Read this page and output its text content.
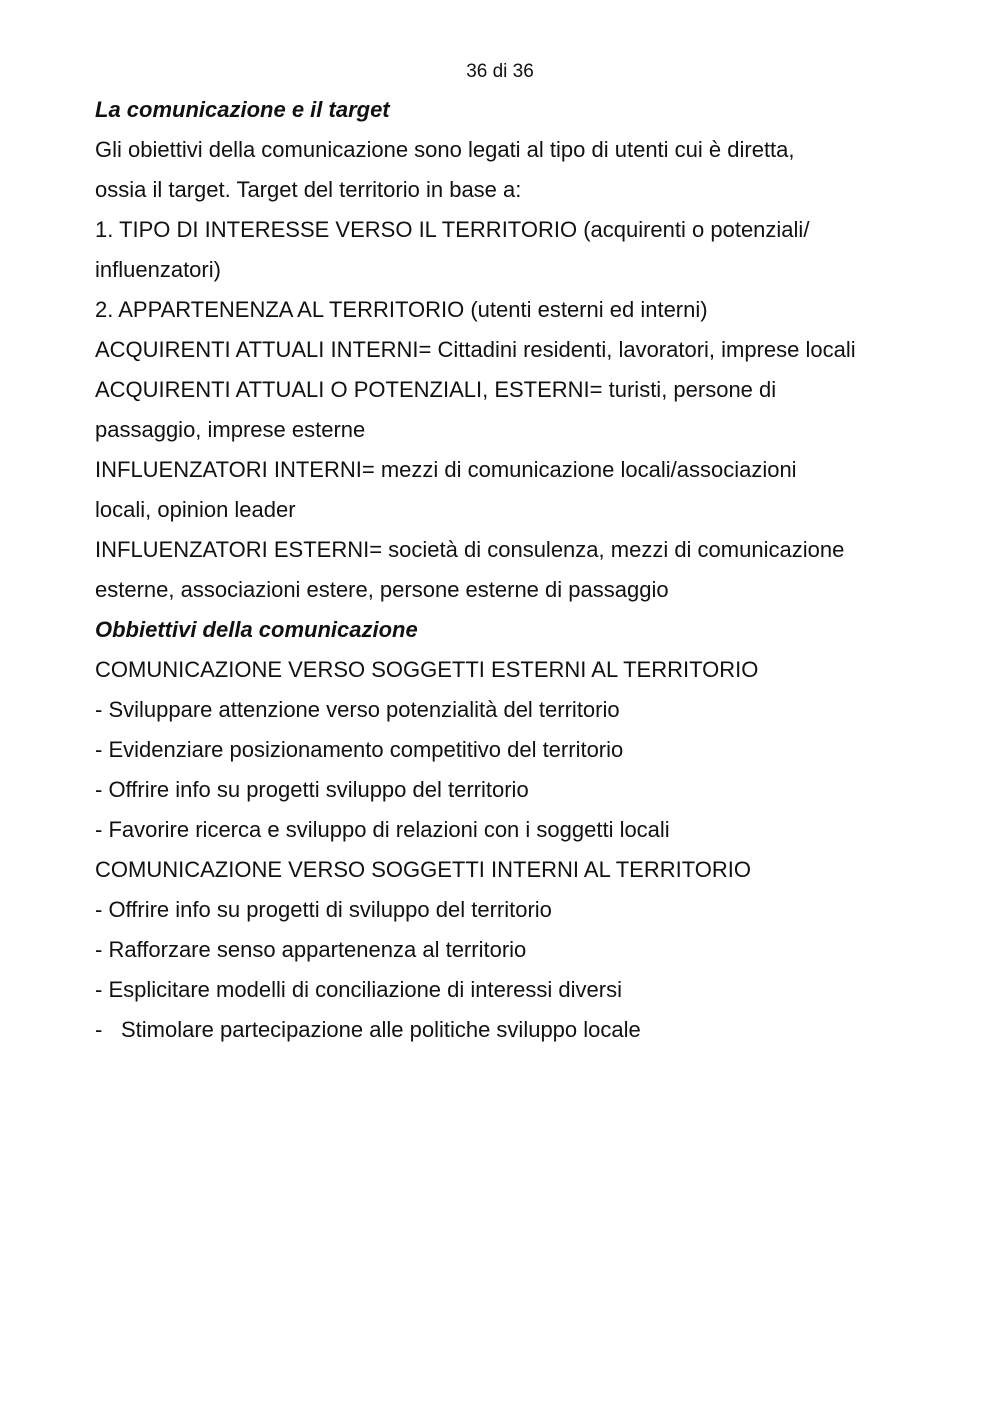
36 di 36
La comunicazione e il target
Gli obiettivi della comunicazione sono legati al tipo di utenti cui è diretta,
ossia il target. Target del territorio in base a:
1. TIPO DI INTERESSE VERSO IL TERRITORIO (acquirenti o potenziali/
influenzatori)
2. APPARTENENZA AL TERRITORIO (utenti esterni ed interni)
ACQUIRENTI ATTUALI INTERNI= Cittadini residenti, lavoratori, imprese locali
ACQUIRENTI ATTUALI O POTENZIALI, ESTERNI= turisti, persone di
passaggio, imprese esterne
INFLUENZATORI INTERNI= mezzi di comunicazione locali/associazioni
locali, opinion leader
INFLUENZATORI ESTERNI= società di consulenza, mezzi di comunicazione
esterne, associazioni estere, persone esterne di passaggio
Obbiettivi della comunicazione
COMUNICAZIONE VERSO SOGGETTI ESTERNI AL TERRITORIO
- Sviluppare attenzione verso potenzialità del territorio
- Evidenziare posizionamento competitivo del territorio
- Offrire info su progetti sviluppo del territorio
- Favorire ricerca e sviluppo di relazioni con i soggetti locali
COMUNICAZIONE VERSO SOGGETTI INTERNI AL TERRITORIO
- Offrire info su progetti di sviluppo del territorio
- Rafforzare senso appartenenza al territorio
- Esplicitare modelli di conciliazione di interessi diversi
- Stimolare partecipazione alle politiche sviluppo locale
